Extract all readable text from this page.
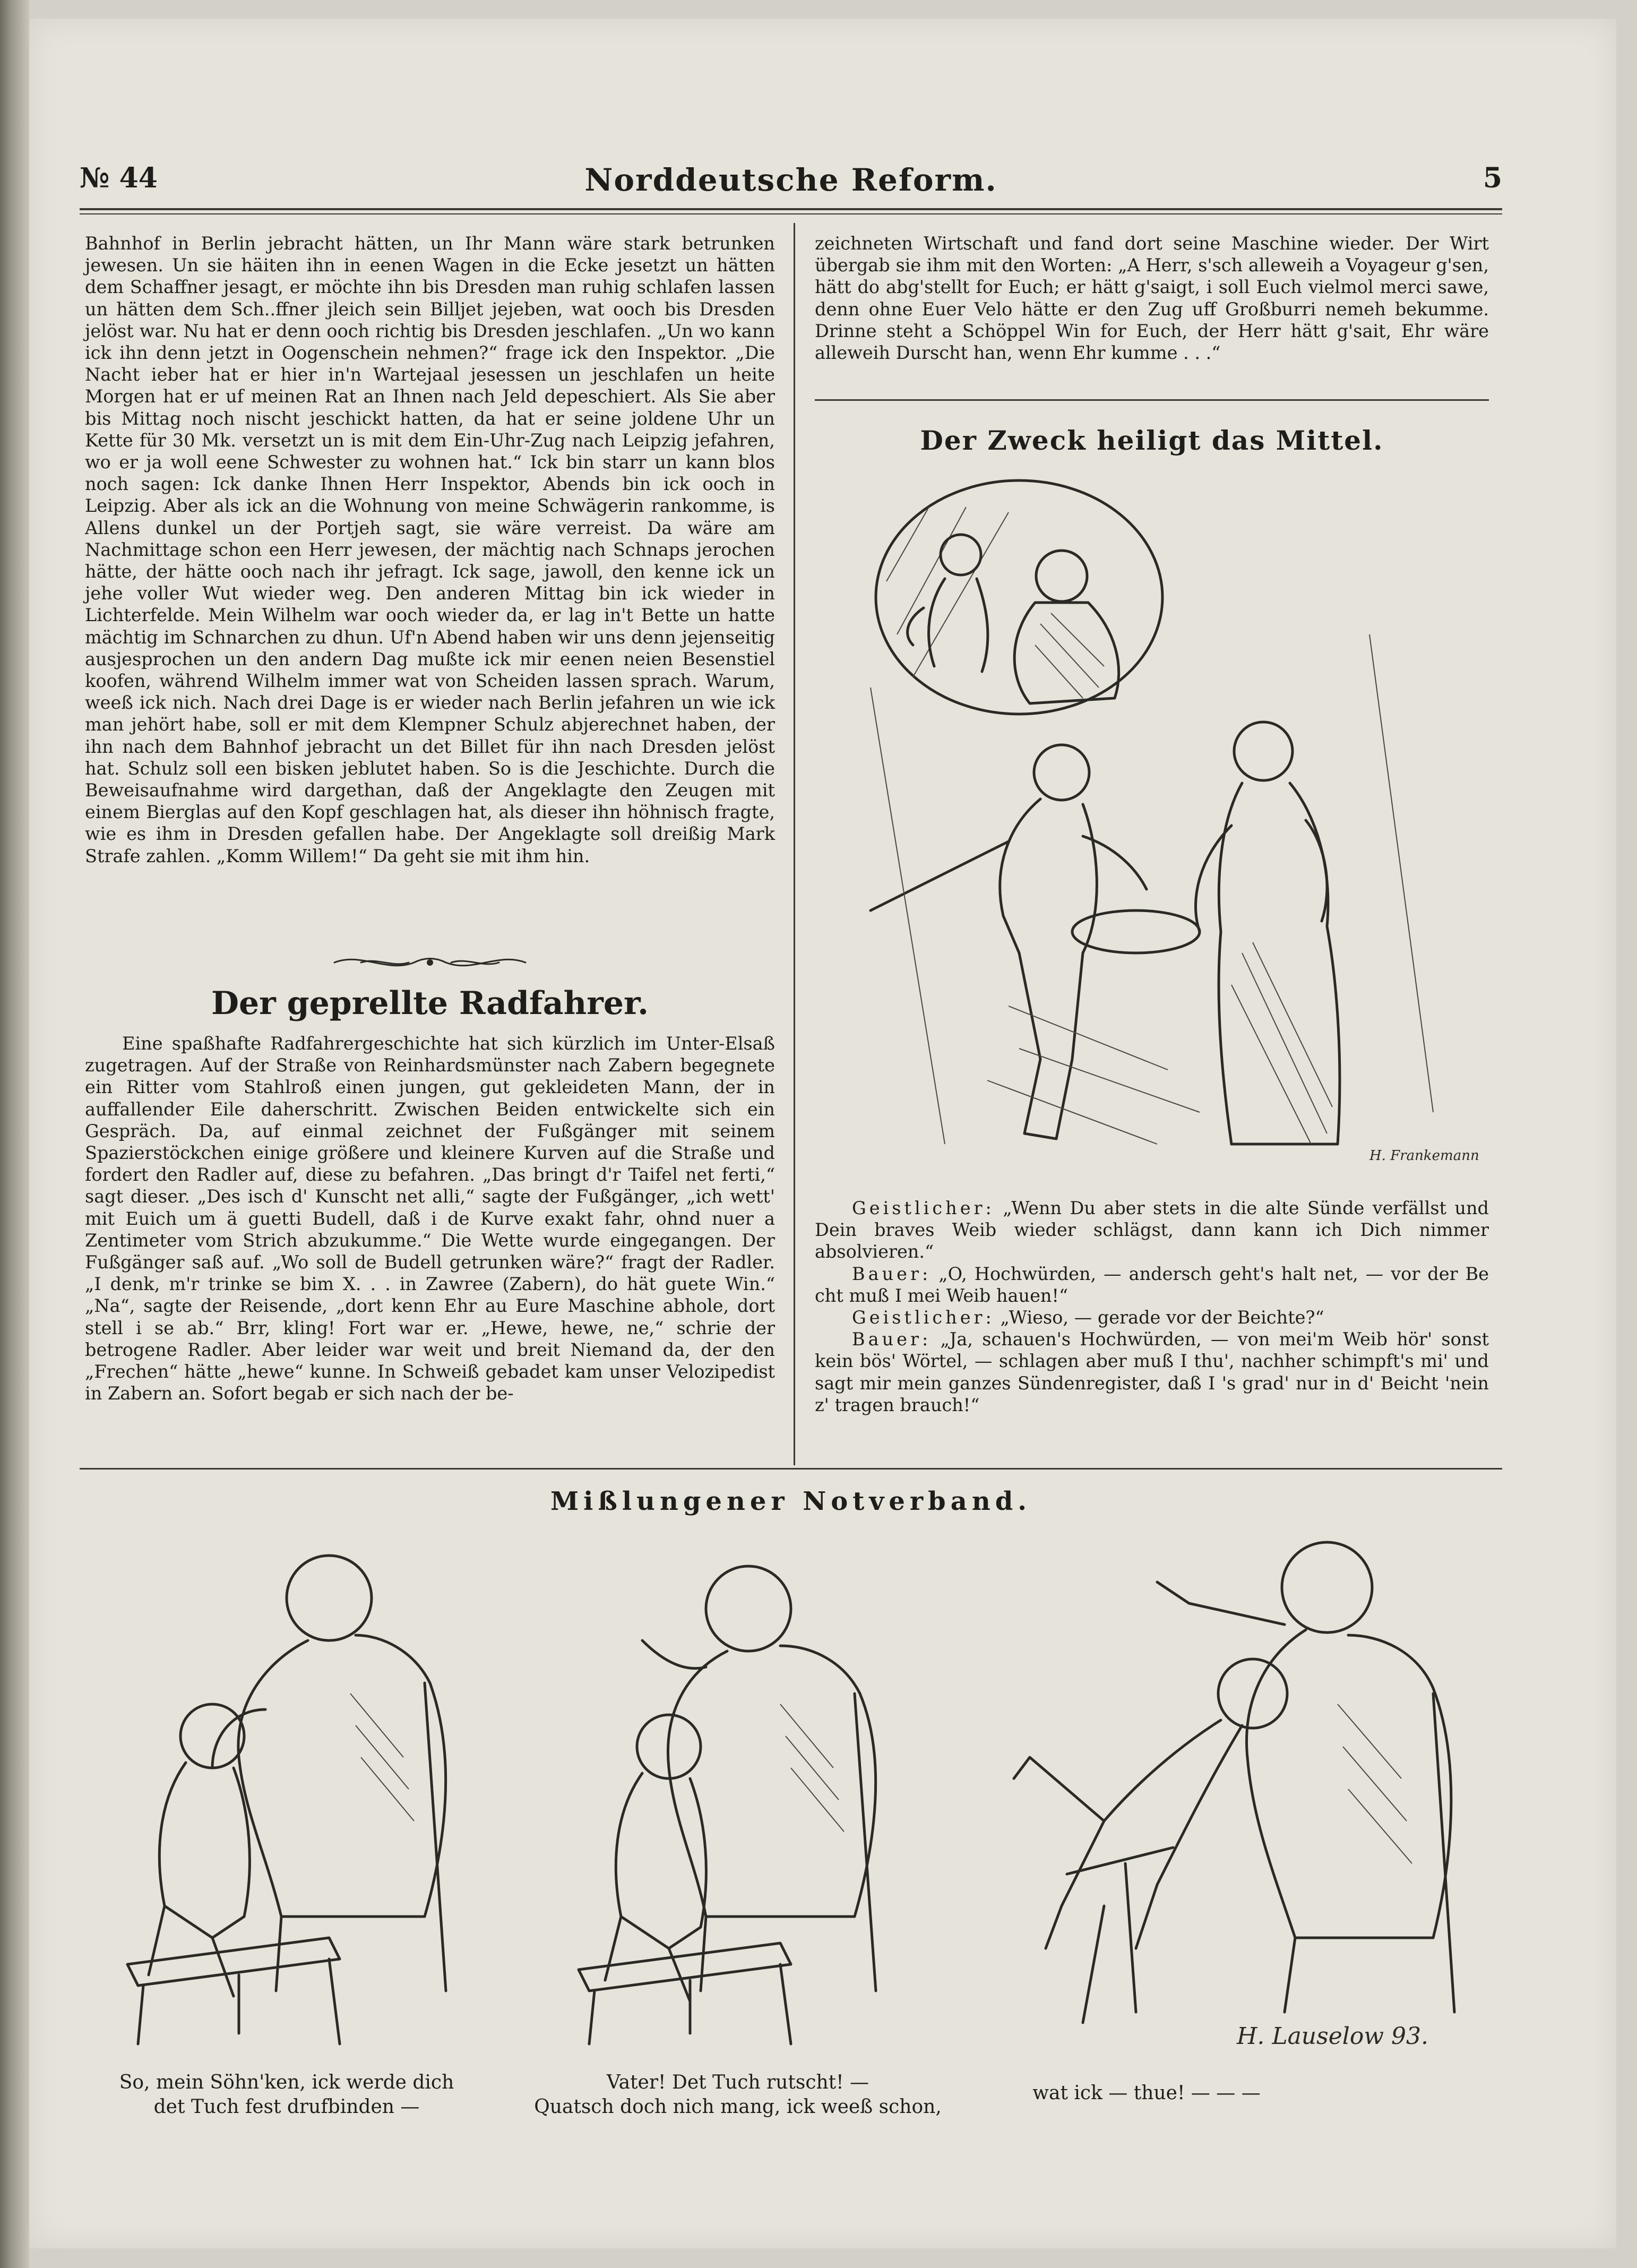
№ 44	Norddeutsche Reform.	5

Bahnhof in Berlin jebracht hätten, un Ihr Mann wäre stark betrunken jewesen. Un sie häiten ihn in eenen Wagen in die Ecke jesetzt un hätten dem Schaffner jesagt, er möchte ihn bis Dresden man ruhig schlafen lassen un hätten dem Sch..ffner jleich sein Billjet jejeben, wat ooch bis Dresden jelöst war. Nu hat er denn ooch richtig bis Dresden jeschlafen. „Un wo kann ick ihn denn jetzt in Oogenschein nehmen?“ frage ick den Inspektor. „Die Nacht ieber hat er hier in'n Wartejaal jesessen un jeschlafen un heite Morgen hat er uf meinen Rat an Ihnen nach Jeld depeschiert. Als Sie aber bis Mittag noch nischt jeschickt hatten, da hat er seine joldene Uhr un Kette für 30 Mk. versetzt un is mit dem Ein-Uhr-Zug nach Leipzig jefahren, wo er ja woll eene Schwester zu wohnen hat.“ Ick bin starr un kann blos noch sagen: Ick danke Ihnen Herr Inspektor, Abends bin ick ooch in Leipzig. Aber als ick an die Wohnung von meine Schwägerin rankomme, is Allens dunkel un der Portjeh sagt, sie wäre verreist. Da wäre am Nachmittage schon een Herr jewesen, der mächtig nach Schnaps jerochen hätte, der hätte ooch nach ihr jefragt. Ick sage, jawoll, den kenne ick un jehe voller Wut wieder weg. Den anderen Mittag bin ick wieder in Lichterfelde. Mein Wilhelm war ooch wieder da, er lag in't Bette un hatte mächtig im Schnarchen zu dhun. Uf'n Abend haben wir uns denn jejenseitig ausjesprochen un den andern Dag mußte ick mir eenen neien Besenstiel koofen, während Wilhelm immer wat von Scheiden lassen sprach. Warum, weeß ick nich. Nach drei Dage is er wieder nach Berlin jefahren un wie ick man jehört habe, soll er mit dem Klempner Schulz abjerechnet haben, der ihn nach dem Bahnhof jebracht un det Billet für ihn nach Dresden jelöst hat. Schulz soll een bisken jeblutet haben. So is die Jeschichte. Durch die Beweisaufnahme wird dargethan, daß der Angeklagte den Zeugen mit einem Bierglas auf den Kopf geschlagen hat, als dieser ihn höhnisch fragte, wie es ihm in Dresden gefallen habe. Der Angeklagte soll dreißig Mark Strafe zahlen. „Komm Willem!“ Da geht sie mit ihm hin.

Der geprellte Radfahrer.

Eine spaßhafte Radfahrergeschichte hat sich kürzlich im Unter-Elsaß zugetragen. Auf der Straße von Reinhardsmünster nach Zabern begegnete ein Ritter vom Stahlroß einen jungen, gut gekleideten Mann, der in auffallender Eile daherschritt. Zwischen Beiden entwickelte sich ein Gespräch. Da, auf einmal zeichnet der Fußgänger mit seinem Spazierstöckchen einige größere und kleinere Kurven auf die Straße und fordert den Radler auf, diese zu befahren. „Das bringt d'r Taifel net ferti,“ sagt dieser. „Des isch d' Kunscht net alli,“ sagte der Fußgänger, „ich wett' mit Euich um ä guetti Budell, daß i de Kurve exakt fahr, ohnd nuer a Zentimeter vom Strich abzukumme.“ Die Wette wurde eingegangen. Der Fußgänger saß auf. „Wo soll de Budell getrunken wäre?“ fragt der Radler. „I denk, m'r trinke se bim X. . . in Zawree (Zabern), do hät guete Win.“ „Na“, sagte der Reisende, „dort kenn Ehr au Eure Maschine abhole, dort stell i se ab.“ Brr, kling! Fort war er. „Hewe, hewe, ne,“ schrie der betrogene Radler. Aber leider war weit und breit Niemand da, der den „Frechen“ hätte „hewe“ kunne. In Schweiß gebadet kam unser Velozipedist in Zabern an. Sofort begab er sich nach der be-

zeichneten Wirtschaft und fand dort seine Maschine wieder. Der Wirt übergab sie ihm mit den Worten: „A Herr, s'sch alleweih a Voyageur g'sen, hätt do abg'stellt for Euch; er hätt g'saigt, i soll Euch vielmol merci sawe, denn ohne Euer Velo hätte er den Zug uff Großburri nemeh bekumme. Drinne steht a Schöppel Win for Euch, der Herr hätt g'sait, Ehr wäre alleweih Durscht han, wenn Ehr kumme . . .“

Der Zweck heiligt das Mittel.
H. Frankemann

Geistlicher: „Wenn Du aber stets in die alte Sünde verfällst und Dein braves Weib wieder schlägst, dann kann ich Dich nimmer absolvieren.“

Bauer: „O, Hochwürden, — andersch geht's halt net, — vor der Be cht muß I mei Weib hauen!“

Geistlicher: „Wieso, — gerade vor der Beichte?“

Bauer: „Ja, schauen's Hochwürden, — von mei'm Weib hör' sonst kein bös' Wörtel, — schlagen aber muß I thu', nachher schimpft's mi' und sagt mir mein ganzes Sündenregister, daß I 's grad' nur in d' Beicht 'nein z' tragen brauch!“

Mißlungener Notverband.
H. Lauselow 93.
So, mein Söhn'ken, ick werde dich
det Tuch fest drufbinden —
Vater! Det Tuch rutscht! —
Quatsch doch nich mang, ick weeß schon,
wat ick — thue! — — —
